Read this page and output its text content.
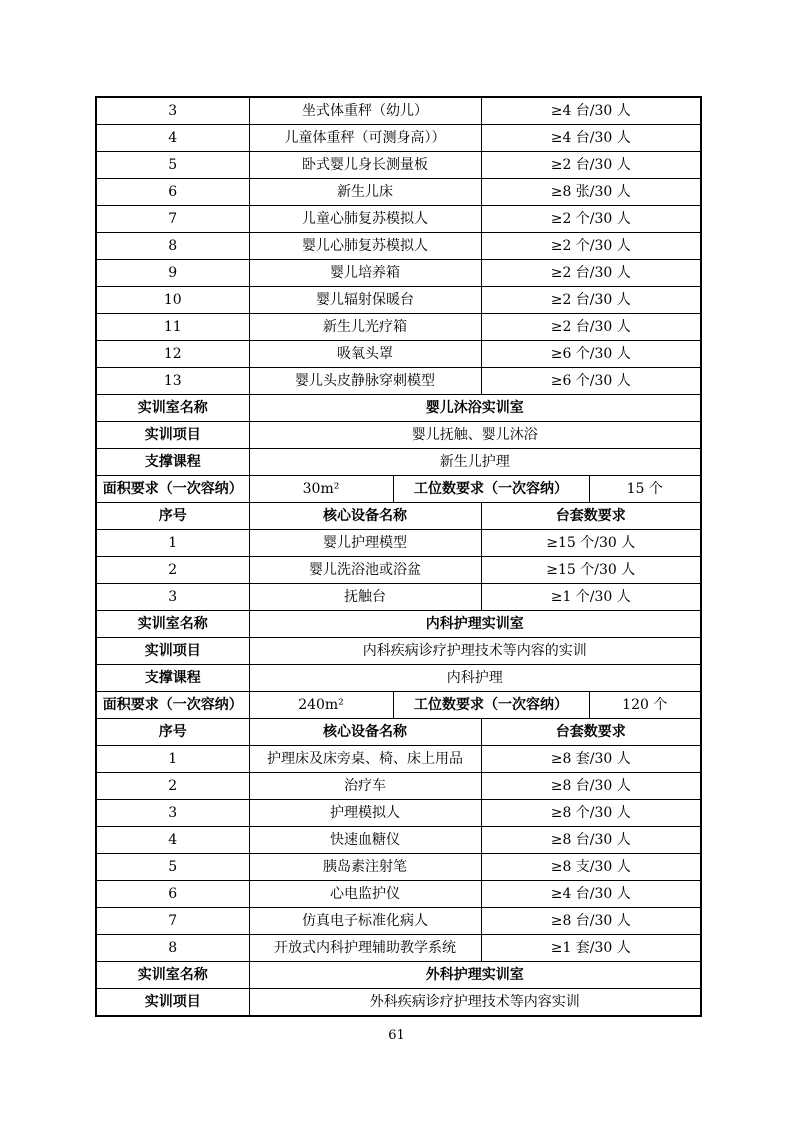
3	坐式体重秤（幼儿）		≥4 台/30 人	
4	儿童体重秤（可测身高））		≥4 台/30 人	
5	卧式婴儿身长测量板		≥2 台/30 人	
6	新生儿床		≥8 张/30 人	
7	儿童心肺复苏模拟人		≥2 个/30 人	
8	婴儿心肺复苏模拟人		≥2 个/30 人	
9	婴儿培养箱		≥2 台/30 人	
10	婴儿辐射保暖台		≥2 台/30 人	
11	新生儿光疗箱		≥2 台/30 人	
12	吸氧头罩		≥6 个/30 人	
13	婴儿头皮静脉穿刺模型		≥6 个/30 人	
实训室名称	婴儿沐浴实训室			
实训项目	婴儿抚触、婴儿沐浴			
支撑课程	新生儿护理			
面积要求（一次容纳）	30m²	工位数要求（一次容纳）		15 个
序号	核心设备名称		台套数要求	
1	婴儿护理模型		≥15 个/30 人	
2	婴儿洗浴池或浴盆		≥15 个/30 人	
3	抚触台		≥1 个/30 人	
实训室名称	内科护理实训室			
实训项目	内科疾病诊疗护理技术等内容的实训			
支撑课程	内科护理			
面积要求（一次容纳）	240m²	工位数要求（一次容纳）		120 个
序号	核心设备名称		台套数要求	
1	护理床及床旁桌、椅、床上用品		≥8 套/30 人	
2	治疗车		≥8 台/30 人	
3	护理模拟人		≥8 个/30 人	
4	快速血糖仪		≥8 台/30 人	
5	胰岛素注射笔		≥8 支/30 人	
6	心电监护仪		≥4 台/30 人	
7	仿真电子标准化病人		≥8 台/30 人	
8	开放式内科护理辅助教学系统		≥1 套/30 人	
实训室名称	外科护理实训室			
实训项目	外科疾病诊疗护理技术等内容实训			
61
